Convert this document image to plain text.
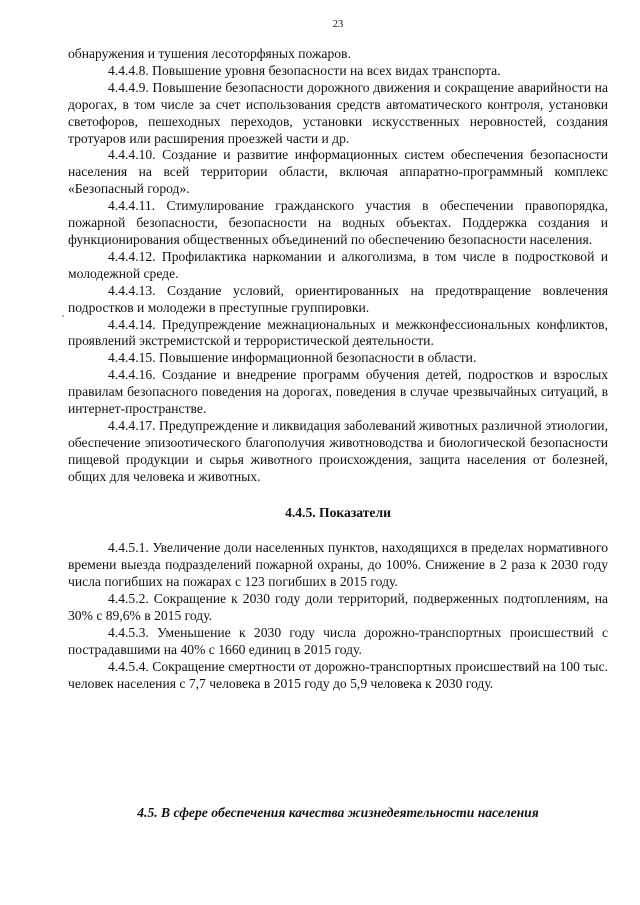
23

обнаружения и тушения лесоторфяных пожаров.

4.4.4.8. Повышение уровня безопасности на всех видах транспорта.

4.4.4.9. Повышение безопасности дорожного движения и сокращение аварийности на дорогах, в том числе за счет использования средств автоматического контроля, установки светофоров, пешеходных переходов, установки искусственных неровностей, создания тротуаров или расширения проезжей части и др.

4.4.4.10. Создание и развитие информационных систем обеспечения безопасности населения на всей территории области, включая аппаратно-программный комплекс «Безопасный город».

4.4.4.11. Стимулирование гражданского участия в обеспечении правопорядка, пожарной безопасности, безопасности на водных объектах. Поддержка создания и функционирования общественных объединений по обеспечению безопасности населения.

4.4.4.12. Профилактика наркомании и алкоголизма, в том числе в подростковой и молодежной среде.

4.4.4.13. Создание условий, ориентированных на предотвращение вовлечения подростков и молодежи в преступные группировки.

4.4.4.14. Предупреждение межнациональных и межконфессиональных конфликтов, проявлений экстремистской и террористической деятельности.

4.4.4.15. Повышение информационной безопасности в области.

4.4.4.16. Создание и внедрение программ обучения детей, подростков и взрослых правилам безопасного поведения на дорогах, поведения в случае чрезвычайных ситуаций, в интернет-пространстве.

4.4.4.17. Предупреждение и ликвидация заболеваний животных различной этиологии, обеспечение эпизоотического благополучия животноводства и биологической безопасности пищевой продукции и сырья животного происхождения, защита населения от болезней, общих для человека и животных.

4.4.5. Показатели

4.4.5.1. Увеличение доли населенных пунктов, находящихся в пределах нормативного времени выезда подразделений пожарной охраны, до 100%. Снижение в 2 раза к 2030 году числа погибших на пожарах с 123 погибших в 2015 году.

4.4.5.2. Сокращение к 2030 году доли территорий, подверженных подтоплениям, на 30% с 89,6% в 2015 году.

4.4.5.3. Уменьшение к 2030 году числа дорожно-транспортных происшествий с пострадавшими на 40% с 1660 единиц в 2015 году.

4.4.5.4. Сокращение смертности от дорожно-транспортных происшествий на 100 тыс. человек населения с 7,7 человека в 2015 году до 5,9 человека к 2030 году.

4.5. В сфере обеспечения качества жизнедеятельности населения
